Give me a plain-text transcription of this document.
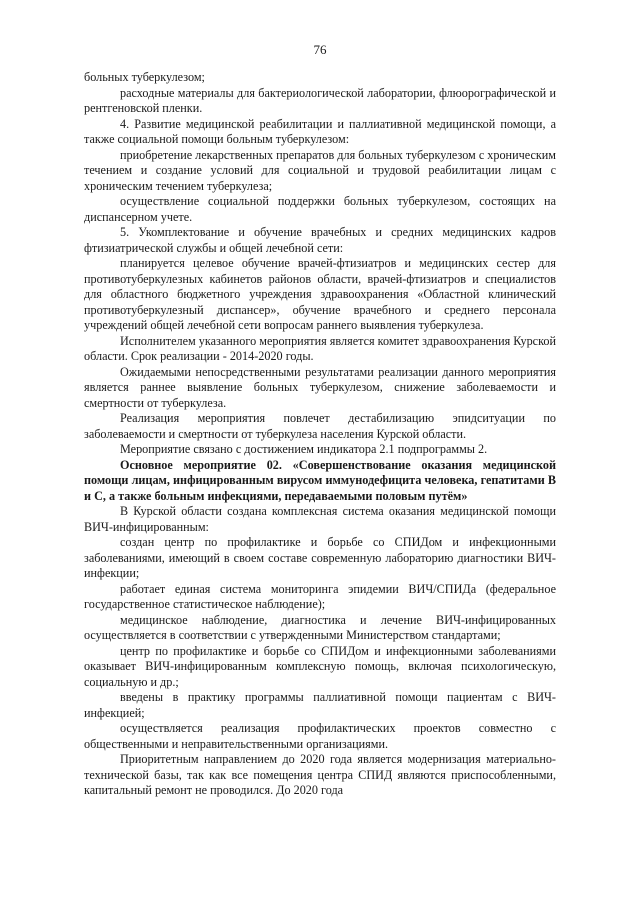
76

больных туберкулезом;

расходные материалы для бактериологической лаборатории, флюорографической и рентгеновской пленки.

4. Развитие медицинской реабилитации и паллиативной медицинской помощи, а также социальной помощи больным туберкулезом:

приобретение лекарственных препаратов для больных туберкулезом с хроническим течением и создание условий для социальной и трудовой реабилитации лицам с хроническим течением туберкулеза;

осуществление социальной поддержки больных туберкулезом, состоящих на диспансерном учете.

5. Укомплектование и обучение врачебных и средних медицинских кадров фтизиатрической службы и общей лечебной сети:

планируется целевое обучение врачей-фтизиатров и медицинских сестер для противотуберкулезных кабинетов районов области, врачей-фтизиатров и специалистов для областного бюджетного учреждения здравоохранения «Областной клинический противотуберкулезный диспансер», обучение врачебного и среднего персонала учреждений общей лечебной сети вопросам раннего выявления туберкулеза.

Исполнителем указанного мероприятия является комитет здравоохранения Курской области. Срок реализации - 2014-2020 годы.

Ожидаемыми непосредственными результатами реализации данного мероприятия является раннее выявление больных туберкулезом, снижение заболеваемости и смертности от туберкулеза.

Реализация мероприятия повлечет дестабилизацию эпидситуации по заболеваемости и смертности от туберкулеза населения Курской области.

Мероприятие связано с достижением индикатора 2.1 подпрограммы 2.

Основное мероприятие 02. «Совершенствование оказания медицинской помощи лицам, инфицированным вирусом иммунодефицита человека, гепатитами B и C, а также больным инфекциями, передаваемыми половым путём»

В Курской области создана комплексная система оказания медицинской помощи ВИЧ-инфицированным:

создан центр по профилактике и борьбе со СПИДом и инфекционными заболеваниями, имеющий в своем составе современную лабораторию диагностики ВИЧ-инфекции;

работает единая система мониторинга эпидемии ВИЧ/СПИДа (федеральное государственное статистическое наблюдение);

медицинское наблюдение, диагностика и лечение ВИЧ-инфицированных осуществляется в соответствии с утвержденными Министерством стандартами;

центр по профилактике и борьбе со СПИДом и инфекционными заболеваниями оказывает ВИЧ-инфицированным комплексную помощь, включая психологическую, социальную и др.;

введены в практику программы паллиативной помощи пациентам с ВИЧ-инфекцией;

осуществляется реализация профилактических проектов совместно с общественными и неправительственными организациями.

Приоритетным направлением до 2020 года является модернизация материально-технической базы, так как все помещения центра СПИД являются приспособленными, капитальный ремонт не проводился. До 2020 года
